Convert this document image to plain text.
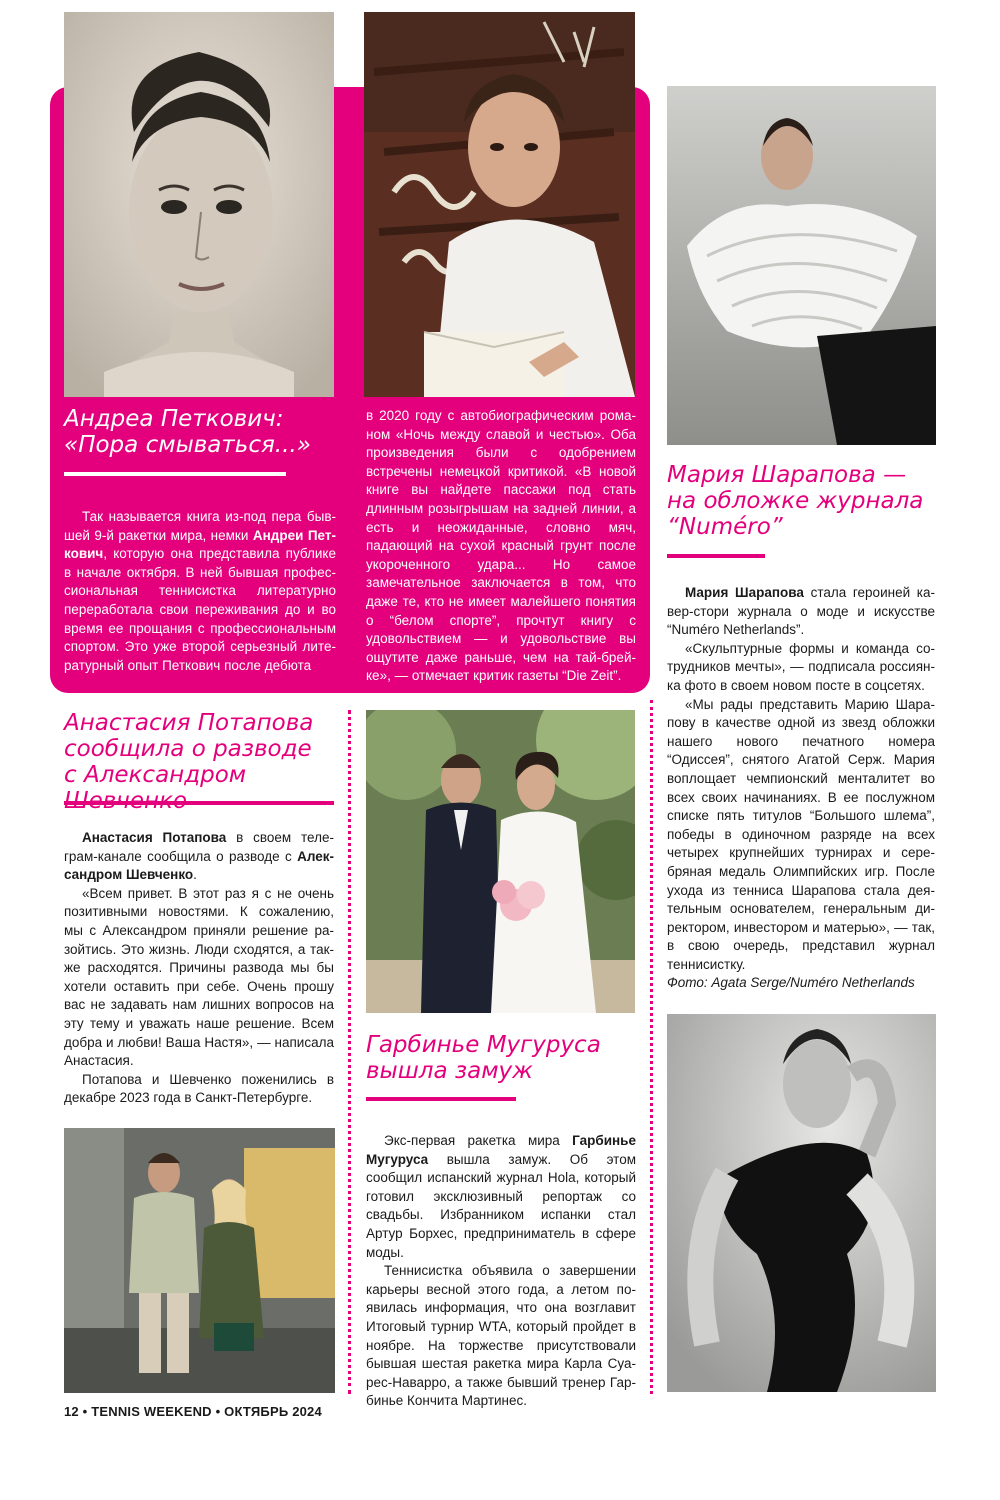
Андреа Петкович:
«Пора смываться...»

Так называется книга из-под пера бывшей 9-й ракетки мира, немки Андреи Петкович, которую она представила публике в начале октября. В ней бывшая профессиональная теннисистка литературно переработала свои переживания до и во время ее прощания с профессиональным спортом. Это уже второй серьезный литературный опыт Петкович после дебюта

в 2020 году с автобиографическим романом «Ночь между славой и честью». Оба произведения были с одобрением встречены немецкой критикой. «В новой книге вы найдете пассажи под стать длинным розыгрышам на задней линии, а есть и неожиданные, словно мяч, падающий на сухой красный грунт после укороченного удара... Но самое замечательное заключается в том, что даже те, кто не имеет малейшего понятия о “белом спорте”, прочтут книгу с удовольствием — и удовольствие вы ощутите даже раньше, чем на тай-брейке», — отмечает критик газеты “Die Zeit”.

Мария Шарапова —
на обложке журнала
“Numéro”

Мария Шарапова стала героиней кавер-стори журнала о моде и искусстве “Numéro Netherlands”.

«Скульптурные формы и команда сотрудников мечты», — подписала россиянка фото в своем новом посте в соцсетях.

«Мы рады представить Марию Шарапову в качестве одной из звезд обложки нашего нового печатного номера “Одиссея”, снятого Агатой Серж. Мария воплощает чемпионский менталитет во всех своих начинаниях. В ее послужном списке пять титулов “Большого шлема”, победы в одиночном разряде на всех четырех крупнейших турнирах и серебряная медаль Олимпийских игр. После ухода из тенниса Шарапова стала деятельным основателем, генеральным директором, инвестором и матерью», — так, в свою очередь, представил журнал теннисистку.

Фото: Agata Serge/Numéro Netherlands

Анастасия Потапова
сообщила о разводе
с Александром

Анастасия Потапова в своем телеграм-канале сообщила о разводе с Александром Шевченко.

«Всем привет. В этот раз я с не очень позитивными новостями. К сожалению, мы с Александром приняли решение разойтись. Это жизнь. Люди сходятся, а также расходятся. Причины развода мы бы хотели оставить при себе. Очень прошу вас не задавать нам лишних вопросов на эту тему и уважать наше решение. Всем добра и любви! Ваша Настя», — написала Анастасия.

Потапова и Шевченко поженились в декабре 2023 года в Санкт-Петербурге.

Гарбинье Мугуруса
вышла замуж

Экс-первая ракетка мира Гарбинье Мугуруса вышла замуж. Об этом сообщил испанский журнал Hola, который готовил эксклюзивный репортаж со свадьбы. Избранником испанки стал Артур Борхес, предприниматель в сфере моды.

Теннисистка объявила о завершении карьеры весной этого года, а летом появилась информация, что она возглавит Итоговый турнир WTA, который пройдет в ноябре. На торжестве присутствовали бывшая шестая ракетка мира Карла Суарес-Наварро, а также бывший тренер Гарбинье Кончита Мартинес.

12 • TENNIS WEEKEND • ОКТЯБРЬ 2024
